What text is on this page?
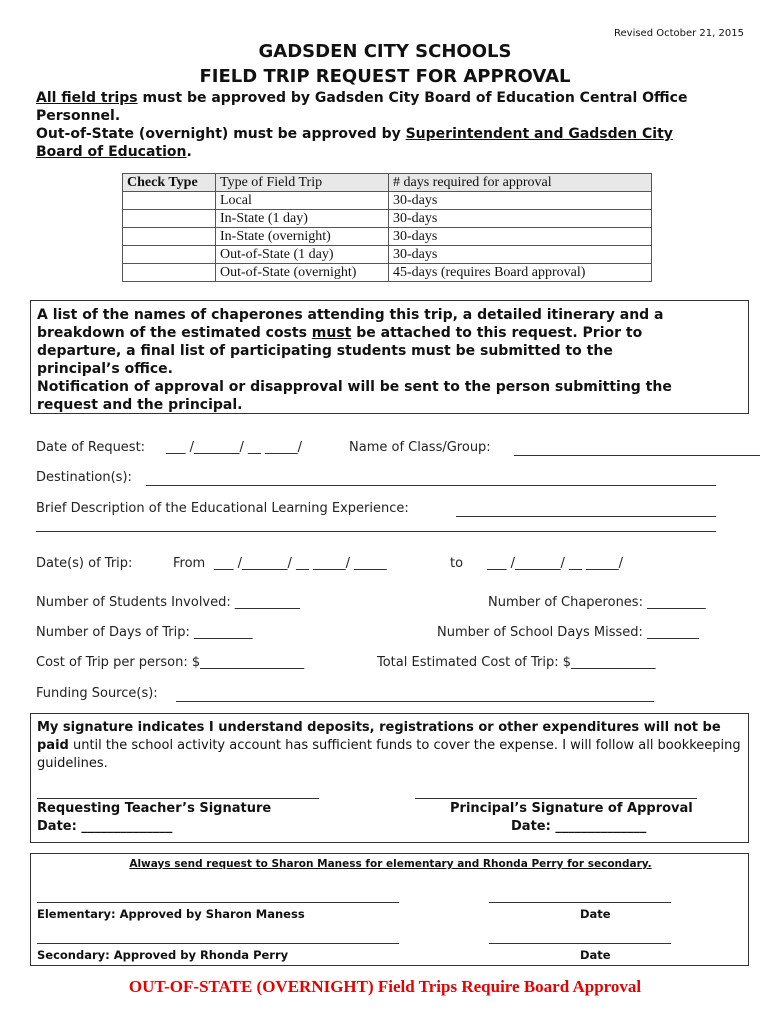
Revised October 21, 2015
GADSDEN CITY SCHOOLS
FIELD TRIP REQUEST FOR APPROVAL
All field trips must be approved by Gadsden City Board of Education Central Office
Personnel.
Out-of-State (overnight) must be approved by Superintendent and Gadsden City
Board of Education.
Check Type	Type of Field Trip	# days required for approval
	Local	30-days
	In-State (1 day)	30-days
	In-State (overnight)	30-days
	Out-of-State (1 day)	30-days
	Out-of-State (overnight)	45-days (requires Board approval)
A list of the names of chaperones attending this trip, a detailed itinerary and a
breakdown of the estimated costs must be attached to this request. Prior to
departure, a final list of participating students must be submitted to the
principal’s office.
Notification of approval or disapproval will be sent to the person submitting the
request and the principal.
Date of Request: ___ /_______/ __ _____/	Name of Class/Group:
Destination(s):
Brief Description of the Educational Learning Experience:
Date(s) of Trip:	From ___ /_______/ __ _____/ _____	to ___ /_______/ __ _____/
Number of Students Involved: __________	Number of Chaperones: _________
Number of Days of Trip: _________	Number of School Days Missed: ________
Cost of Trip per person: $________________	Total Estimated Cost of Trip: $_____________
Funding Source(s):
My signature indicates I understand deposits, registrations or other expenditures will not be paid until the school activity account has sufficient funds to cover the expense. I will follow all bookkeeping guidelines.
Requesting Teacher’s Signature
Date: ______________
Principal’s Signature of Approval
Date: ______________
Always send request to Sharon Maness for elementary and Rhonda Perry for secondary.
Elementary: Approved by Sharon Maness	Date
Secondary: Approved by Rhonda Perry	Date
OUT-OF-STATE (OVERNIGHT) Field Trips Require Board Approval
